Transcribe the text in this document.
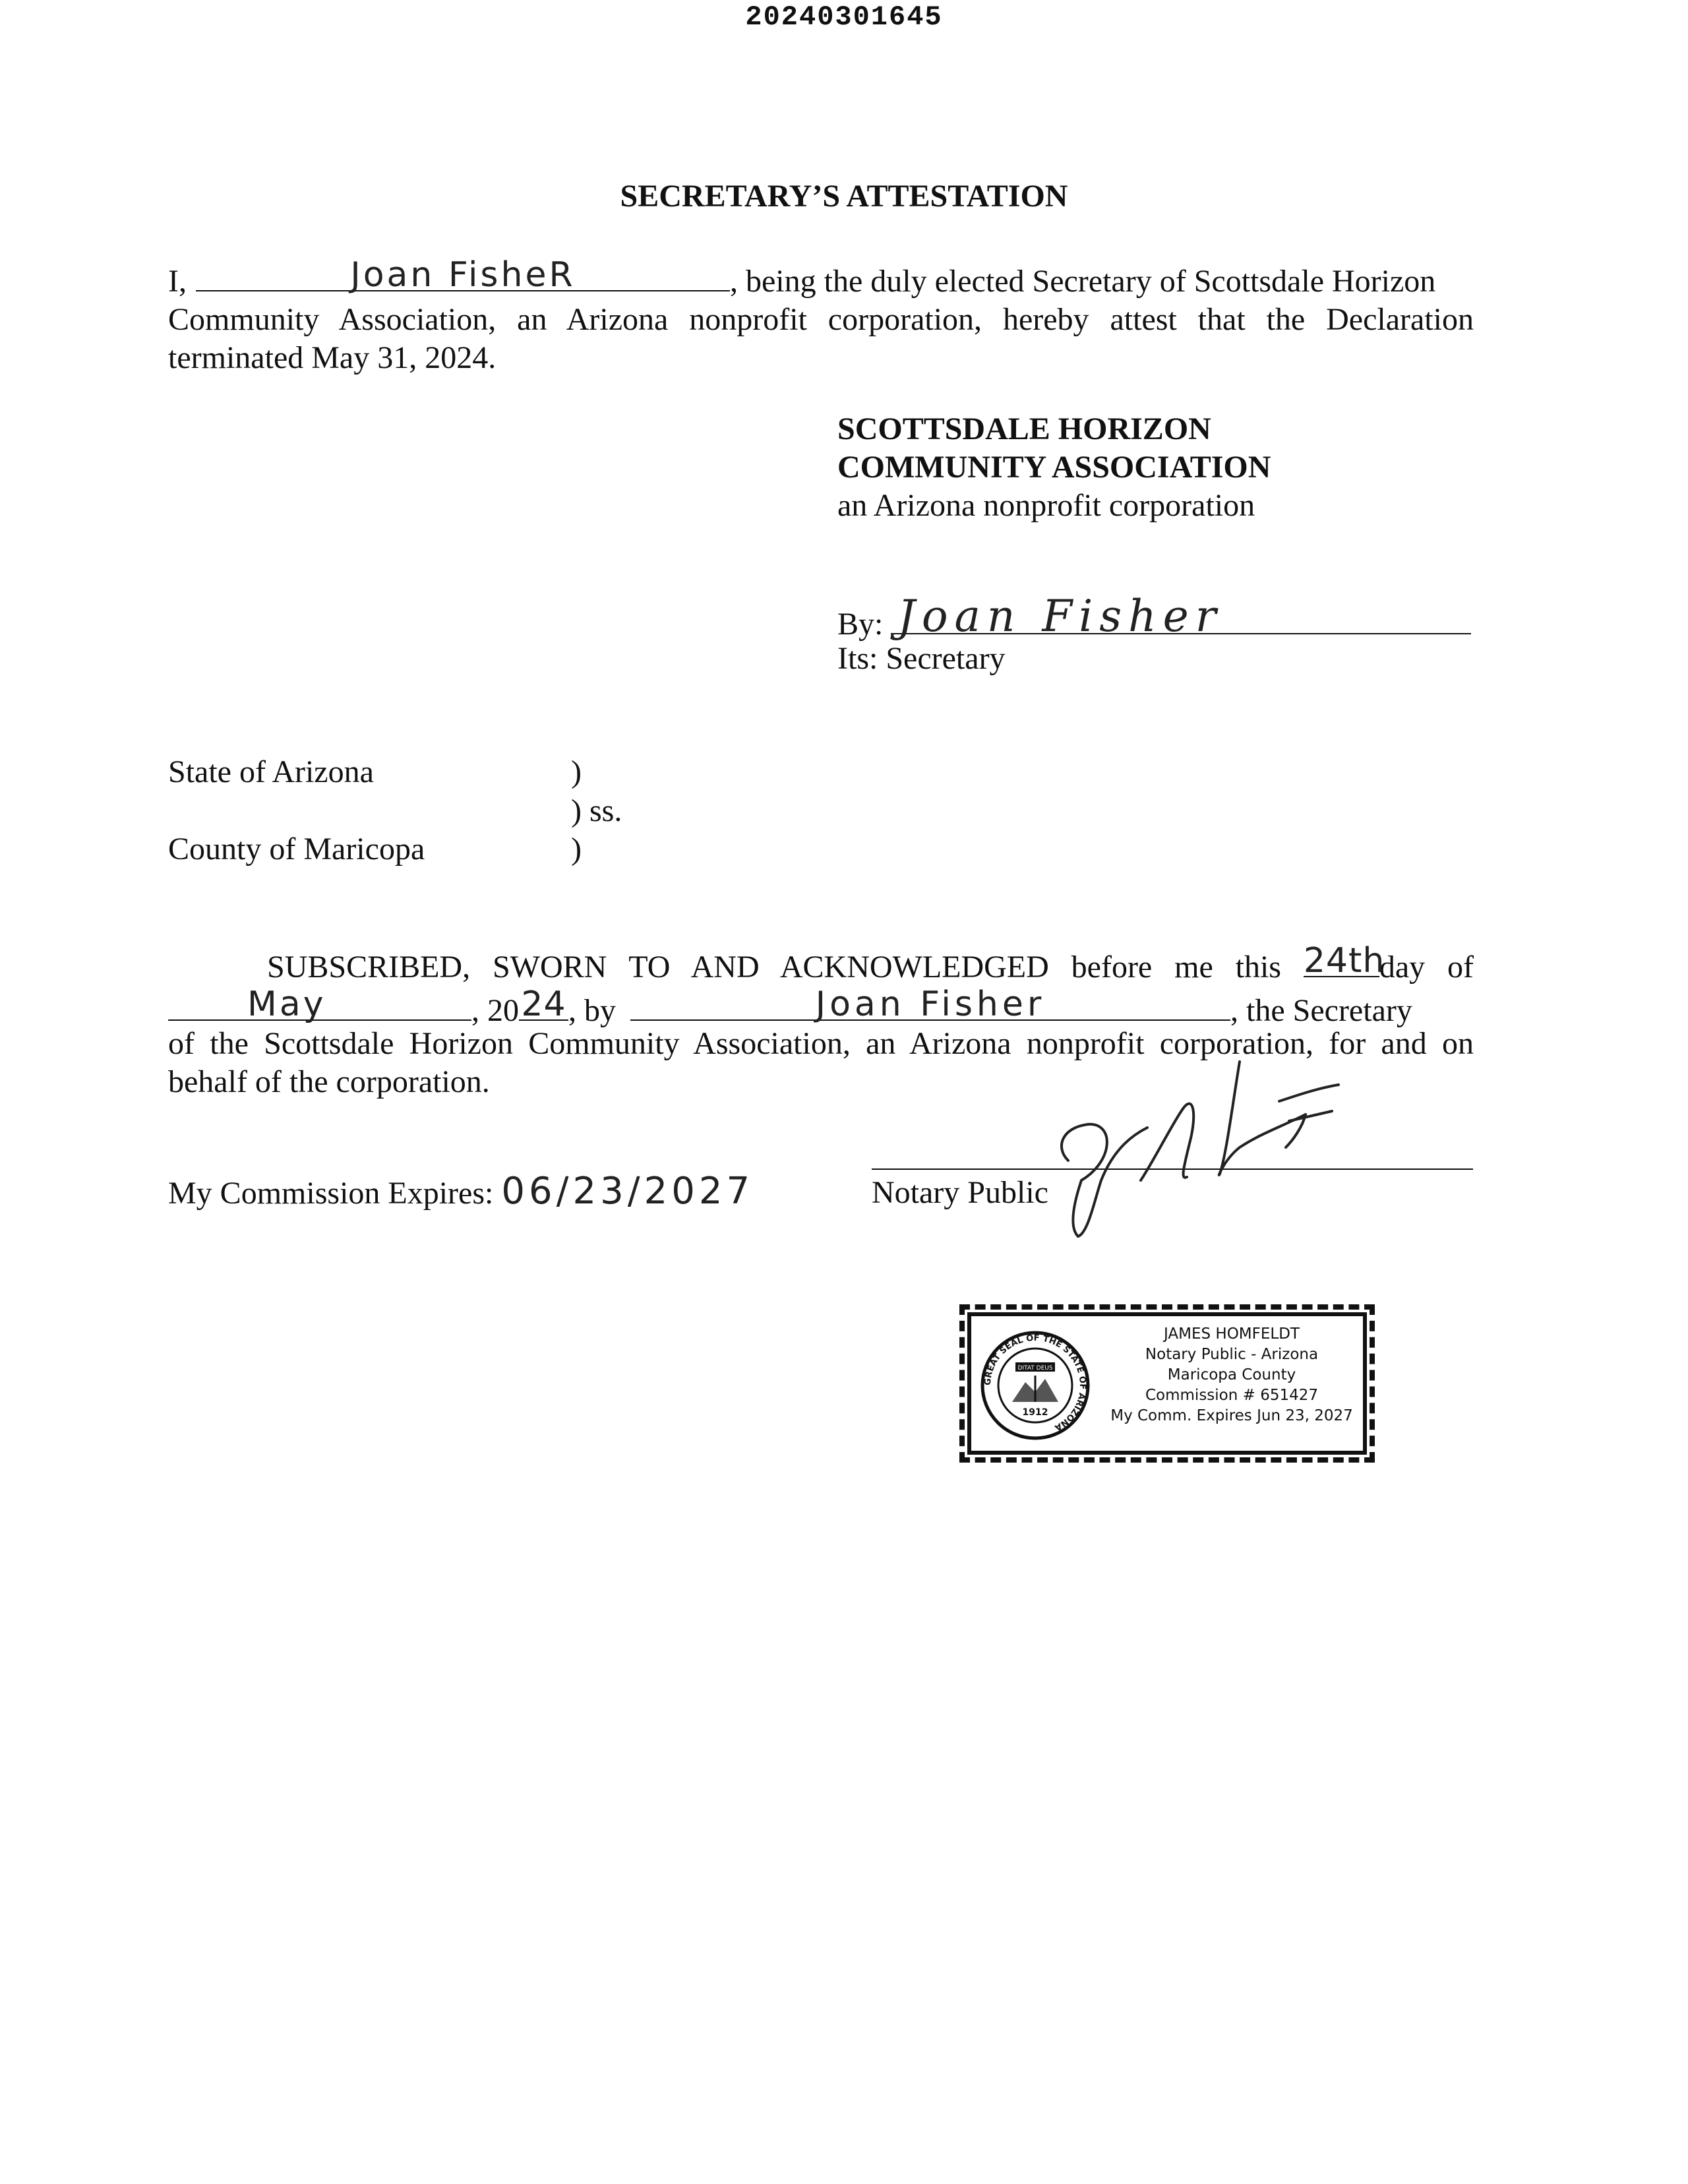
20240301645
SECRETARY’S ATTESTATION
I,	Joan FisheR	, being the duly elected Secretary of Scottsdale Horizon
Community Association, an Arizona nonprofit corporation, hereby attest that the Declaration
terminated May 31, 2024.
SCOTTSDALE HORIZON
COMMUNITY ASSOCIATION
an Arizona nonprofit corporation
By: Joan Fisher
Its: Secretary
State of Arizona	)
) ss.
County of Maricopa	)
SUBSCRIBED, SWORN TO AND ACKNOWLEDGED before me this 24th
day of
May	, 20 24 , by	Joan Fisher	, the Secretary
of the Scottsdale Horizon Community Association, an Arizona nonprofit corporation, for and on
behalf of the corporation.
My Commission Expires: 06/23/2027	Notary Public
GREAT SEAL OF THE STATE OF ARIZONA
DITAT DEUS
1912
JAMES HOMFELDT
Notary Public - Arizona
Maricopa County
Commission # 651427
My Comm. Expires Jun 23, 2027
